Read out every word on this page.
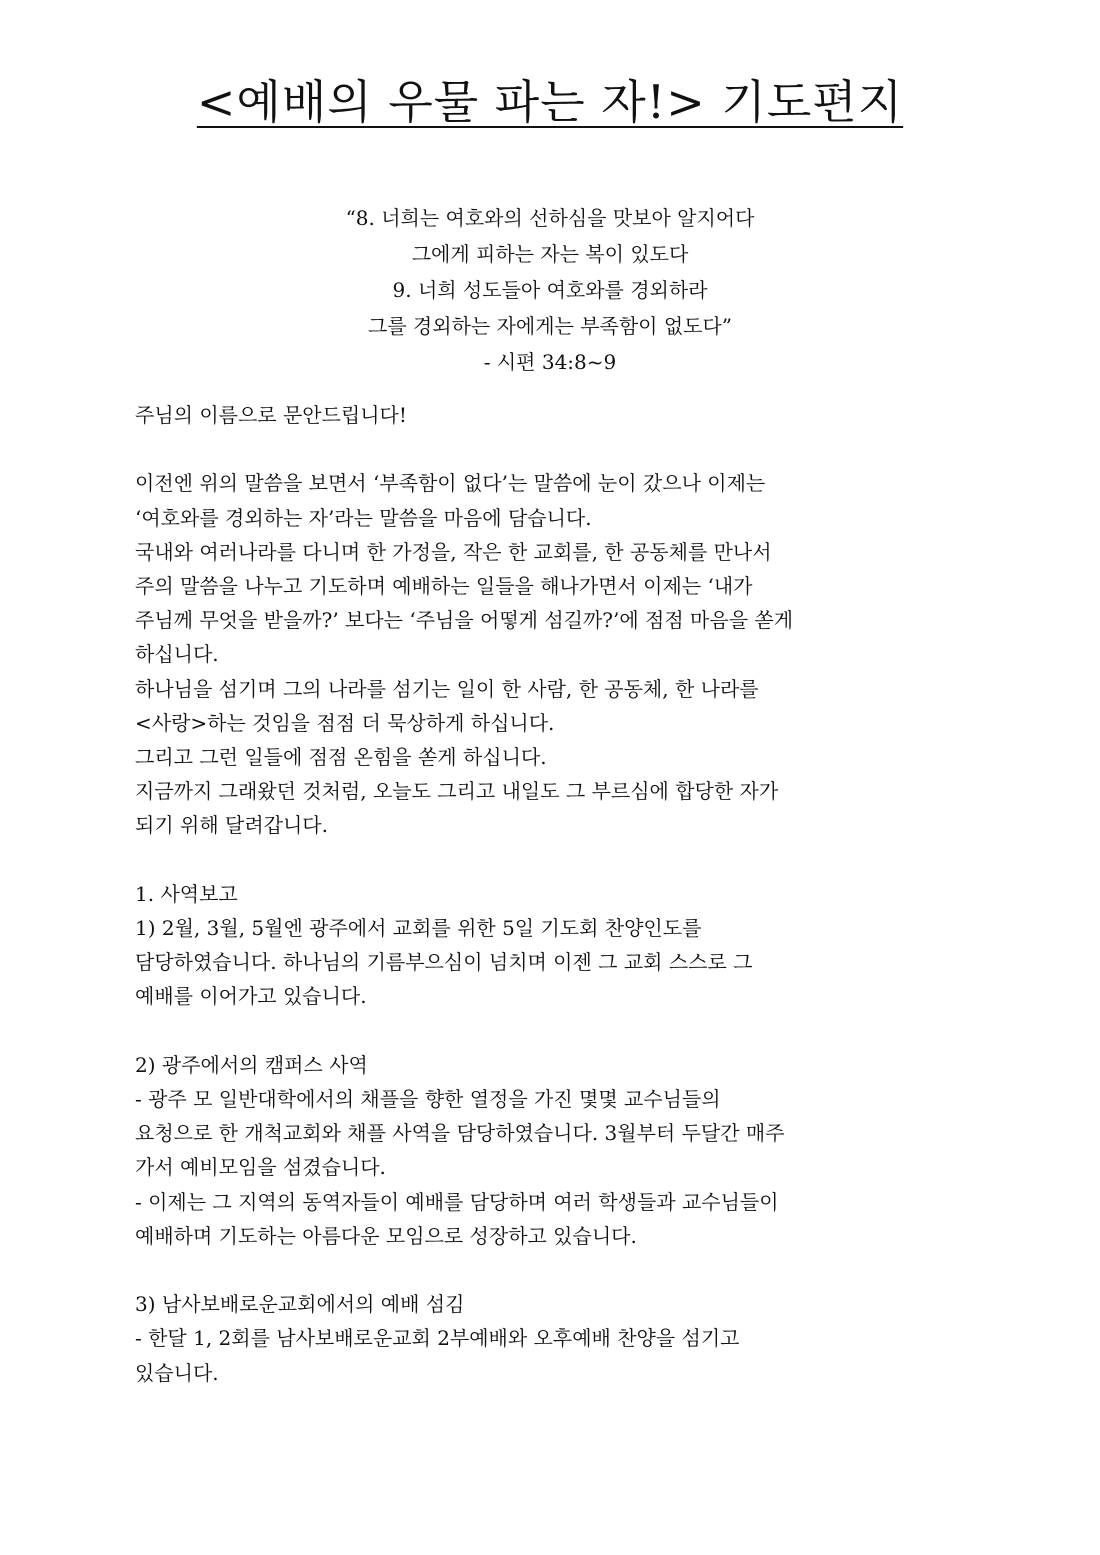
<예배의 우물 파는 자!> 기도편지
“8. 너희는 여호와의 선하심을 맛보아 알지어다
그에게 피하는 자는 복이 있도다
9. 너희 성도들아 여호와를 경외하라
그를 경외하는 자에게는 부족함이 없도다”
- 시편 34:8~9

주님의 이름으로 문안드립니다!

이전엔 위의 말씀을 보면서 ‘부족함이 없다’는 말씀에 눈이 갔으나 이제는

‘여호와를 경외하는 자’라는 말씀을 마음에 담습니다.

국내와 여러나라를 다니며 한 가정을, 작은 한 교회를, 한 공동체를 만나서

주의 말씀을 나누고 기도하며 예배하는 일들을 해나가면서 이제는 ‘내가

주님께 무엇을 받을까?’ 보다는 ‘주님을 어떻게 섬길까?’에 점점 마음을 쏟게

하십니다.

하나님을 섬기며 그의 나라를 섬기는 일이 한 사람, 한 공동체, 한 나라를

<사랑>하는 것임을 점점 더 묵상하게 하십니다.

그리고 그런 일들에 점점 온힘을 쏟게 하십니다.

지금까지 그래왔던 것처럼, 오늘도 그리고 내일도 그 부르심에 합당한 자가

되기 위해 달려갑니다.

1. 사역보고

1) 2월, 3월, 5월엔 광주에서 교회를 위한 5일 기도회 찬양인도를

담당하였습니다. 하나님의 기름부으심이 넘치며 이젠 그 교회 스스로 그

예배를 이어가고 있습니다.

2) 광주에서의 캠퍼스 사역

- 광주 모 일반대학에서의 채플을 향한 열정을 가진 몇몇 교수님들의

요청으로 한 개척교회와 채플 사역을 담당하였습니다. 3월부터 두달간 매주

가서 예비모임을 섬겼습니다.

- 이제는 그 지역의 동역자들이 예배를 담당하며 여러 학생들과 교수님들이

예배하며 기도하는 아름다운 모임으로 성장하고 있습니다.

3) 남사보배로운교회에서의 예배 섬김

- 한달 1, 2회를 남사보배로운교회 2부예배와 오후예배 찬양을 섬기고

있습니다.
